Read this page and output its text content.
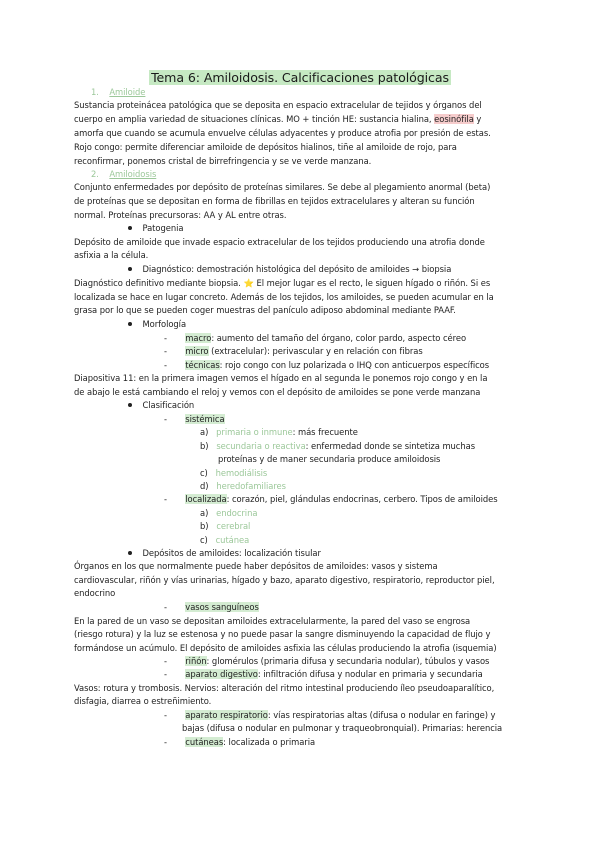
Tema 6: Amiloidosis. Calcificaciones patológicas
1. Amiloide
Sustancia proteinácea patológica que se deposita en espacio extracelular de tejidos y órganos del
cuerpo en amplia variedad de situaciones clínicas. MO + tinción HE: sustancia hialina, eosinófila y
amorfa que cuando se acumula envuelve células adyacentes y produce atrofia por presión de estas.
Rojo congo: permite diferenciar amiloide de depósitos hialinos, tiñe al amiloide de rojo, para
reconfirmar, ponemos cristal de birrefringencia y se ve verde manzana.
2. Amiloidosis
Conjunto enfermedades por depósito de proteínas similares. Se debe al plegamiento anormal (beta)
de proteínas que se depositan en forma de fibrillas en tejidos extracelulares y alteran su función
normal. Proteínas precursoras: AA y AL entre otras.
Patogenia
Depósito de amiloide que invade espacio extracelular de los tejidos produciendo una atrofia donde
asfixia a la célula.
Diagnóstico: demostración histológica del depósito de amiloides → biopsia
Diagnóstico definitivo mediante biopsia. ⭐ El mejor lugar es el recto, le siguen hígado o riñón. Si es
localizada se hace en lugar concreto. Además de los tejidos, los amiloides, se pueden acumular en la
grasa por lo que se pueden coger muestras del panículo adiposo abdominal mediante PAAF.
Morfología
- macro: aumento del tamaño del órgano, color pardo, aspecto céreo
- micro (extracelular): perivascular y en relación con fibras
- técnicas: rojo congo con luz polarizada o IHQ con anticuerpos específicos
Diapositiva 11: en la primera imagen vemos el hígado en al segunda le ponemos rojo congo y en la
de abajo le está cambiando el reloj y vemos con el depósito de amiloides se pone verde manzana
Clasificación
- sistémica
a) primaria o inmune: más frecuente
b) secundaria o reactiva: enfermedad donde se sintetiza muchas
proteínas y de maner secundaria produce amiloidosis
c) hemodiálisis
d) heredofamiliares
- localizada: corazón, piel, glándulas endocrinas, cerbero. Tipos de amiloides
a) endocrina
b) cerebral
c) cutánea
Depósitos de amiloides: localización tisular
Órganos en los que normalmente puede haber depósitos de amiloides: vasos y sistema
cardiovascular, riñón y vías urinarias, hígado y bazo, aparato digestivo, respiratorio, reproductor piel,
endocrino
- vasos sanguíneos
En la pared de un vaso se depositan amiloides extracelularmente, la pared del vaso se engrosa
(riesgo rotura) y la luz se estenosa y no puede pasar la sangre disminuyendo la capacidad de flujo y
formándose un acúmulo. El depósito de amiloides asfixia las células produciendo la atrofia (isquemia)
- riñón: glomérulos (primaria difusa y secundaria nodular), túbulos y vasos
- aparato digestivo: infiltración difusa y nodular en primaria y secundaria
Vasos: rotura y trombosis. Nervios: alteración del ritmo intestinal produciendo íleo pseudoaparalítico,
disfagia, diarrea o estreñimiento.
- aparato respiratorio: vías respiratorias altas (difusa o nodular en faringe) y
bajas (difusa o nodular en pulmonar y traqueobronquial). Primarias: herencia
- cutáneas: localizada o primaria
